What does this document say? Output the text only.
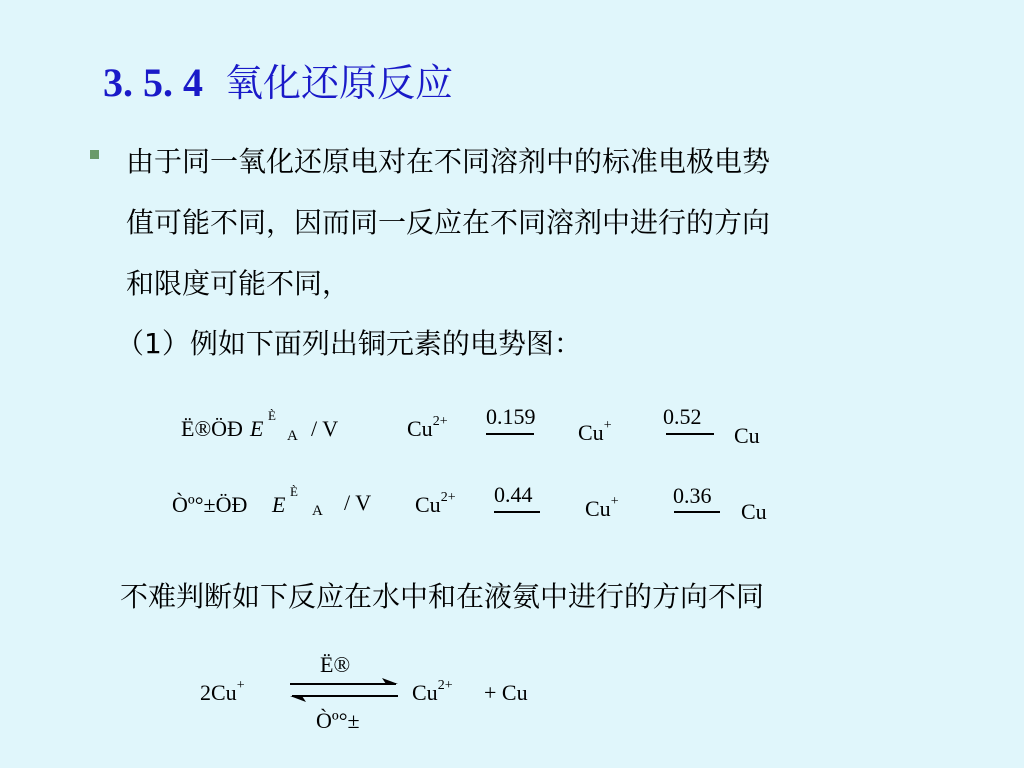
3. 5. 4 氧化还原反应
由于同一氧化还原电对在不同溶剂中的标准电极电势
值可能不同，因而同一反应在不同溶剂中进行的方向
和限度可能不同，
（1）例如下面列出铜元素的电势图：
Ë®ÖÐ E
È
A / V	$Cu^{2+}$ 0.159
Cu+ 0.52
Cu
Òº°±ÖÐ E
È
A / V $Cu^{2+}$ 0.44
Cu+ 0.36
Cu
不难判断如下反应在水中和在液氨中进行的方向不同
2Cu+
Ë®
Òº°±
$Cu^{2+} + Cu$
